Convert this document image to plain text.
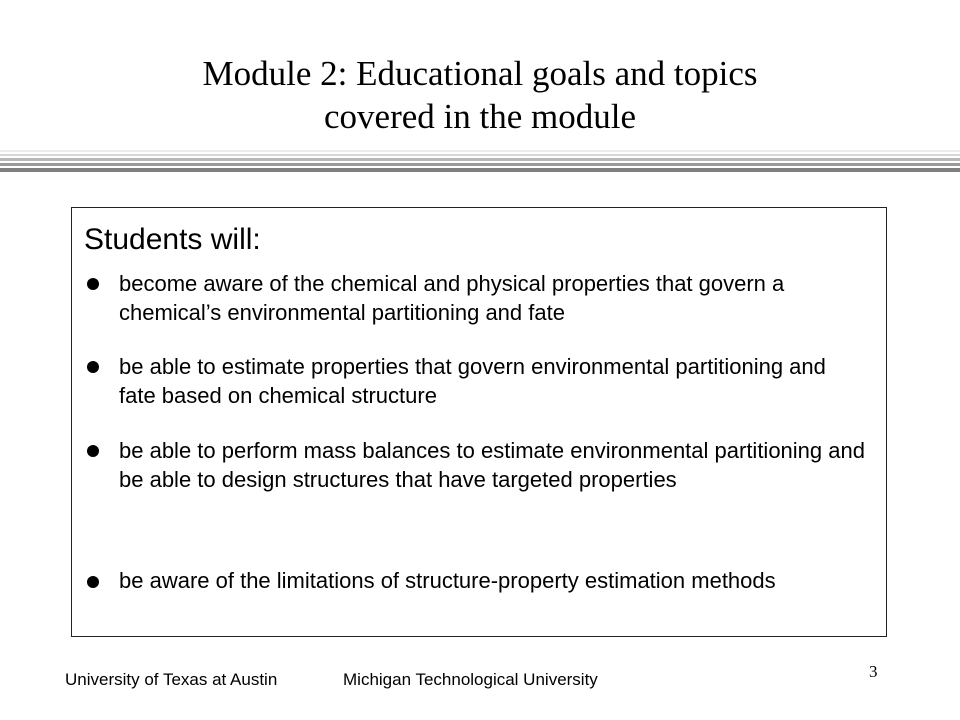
Module 2: Educational goals and topics
covered in the module
Students will:
become aware of the chemical and physical properties that govern a chemical’s environmental partitioning and fate
be able to estimate properties that govern environmental partitioning and fate based on chemical structure
be able to perform mass balances to estimate environmental partitioning and be able to design structures that have targeted properties
be aware of the limitations of structure-property estimation methods
University of Texas at Austin	Michigan Technological University	3
